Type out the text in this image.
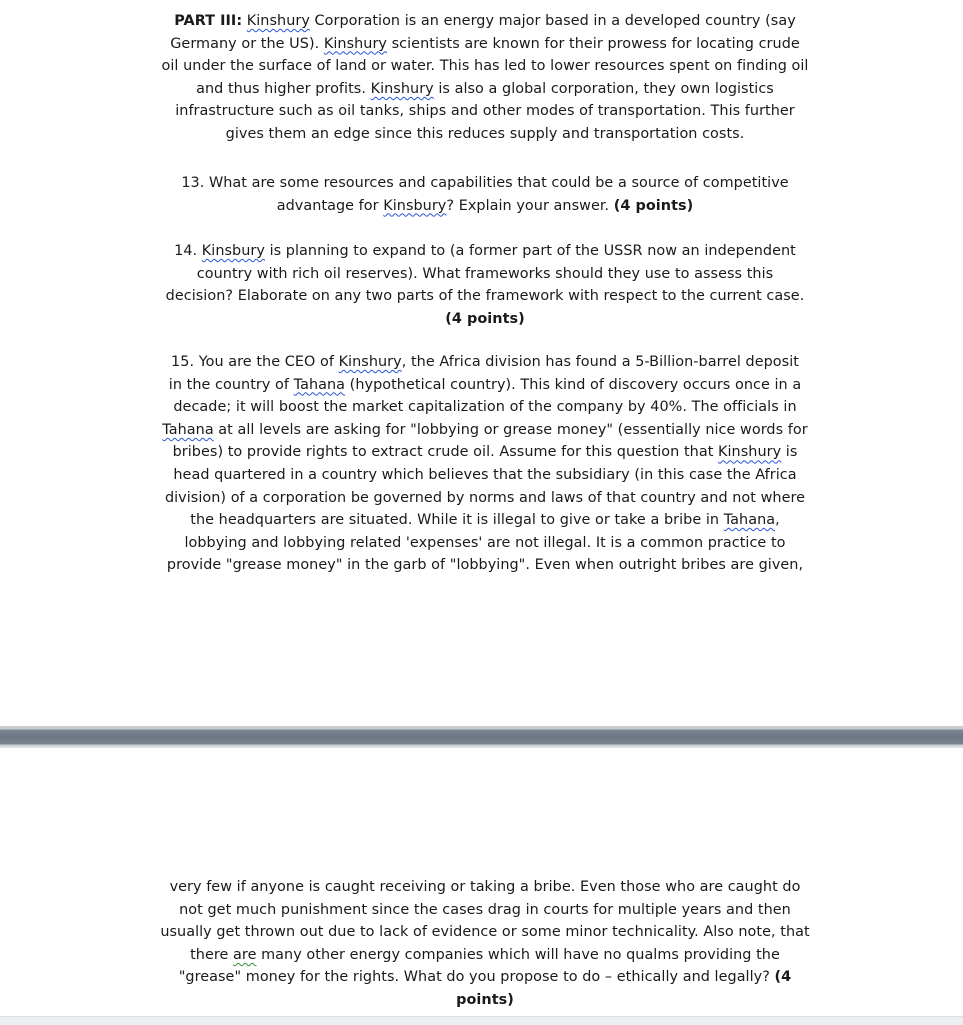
PART III: Kinshury Corporation is an energy major based in a developed country (say
Germany or the US). Kinshury scientists are known for their prowess for locating crude
oil under the surface of land or water. This has led to lower resources spent on finding oil
and thus higher profits. Kinshury is also a global corporation, they own logistics
infrastructure such as oil tanks, ships and other modes of transportation. This further
gives them an edge since this reduces supply and transportation costs.
13. What are some resources and capabilities that could be a source of competitive
advantage for Kinsbury? Explain your answer. (4 points)
14. Kinsbury is planning to expand to (a former part of the USSR now an independent
country with rich oil reserves). What frameworks should they use to assess this
decision? Elaborate on any two parts of the framework with respect to the current case.
(4 points)
15. You are the CEO of Kinshury, the Africa division has found a 5-Billion-barrel deposit
in the country of Tahana (hypothetical country). This kind of discovery occurs once in a
decade; it will boost the market capitalization of the company by 40%. The officials in
Tahana at all levels are asking for "lobbying or grease money" (essentially nice words for
bribes) to provide rights to extract crude oil. Assume for this question that Kinshury is
head quartered in a country which believes that the subsidiary (in this case the Africa
division) of a corporation be governed by norms and laws of that country and not where
the headquarters are situated. While it is illegal to give or take a bribe in Tahana,
lobbying and lobbying related 'expenses' are not illegal. It is a common practice to
provide "grease money" in the garb of "lobbying". Even when outright bribes are given,
very few if anyone is caught receiving or taking a bribe. Even those who are caught do
not get much punishment since the cases drag in courts for multiple years and then
usually get thrown out due to lack of evidence or some minor technicality. Also note, that
there are many other energy companies which will have no qualms providing the
"grease" money for the rights. What do you propose to do – ethically and legally? (4
points)
